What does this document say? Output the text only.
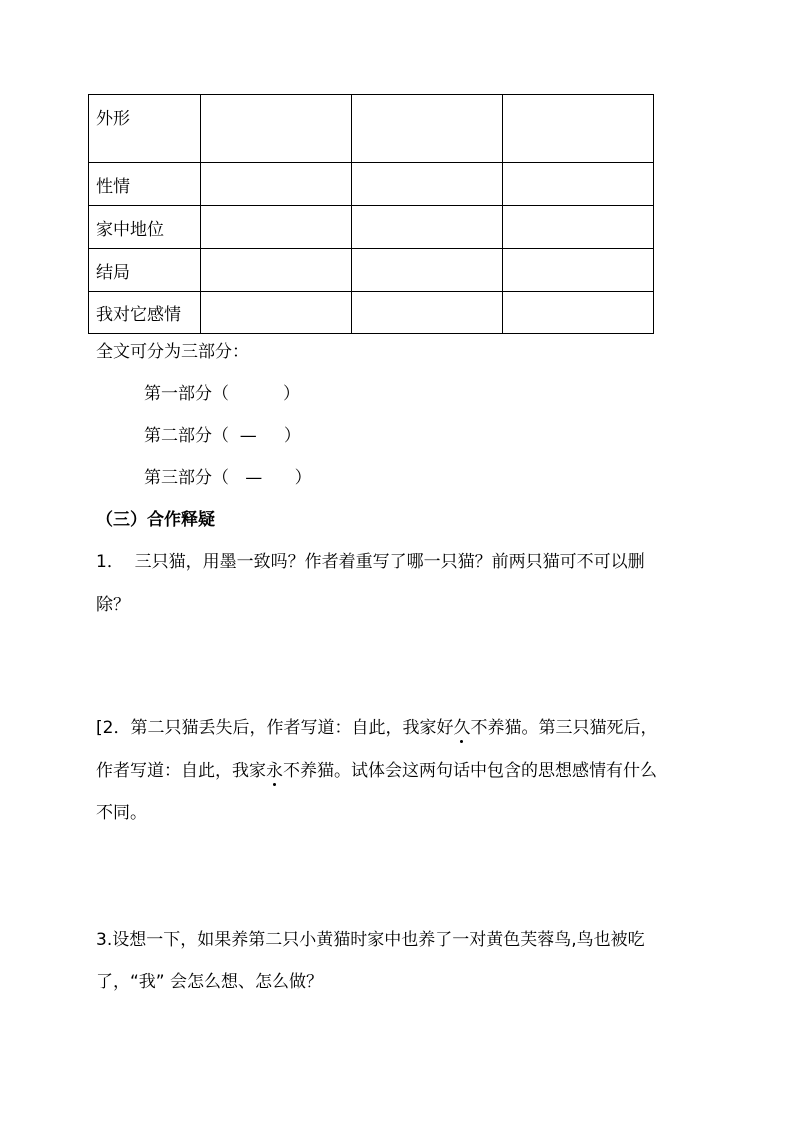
外形			
性情			
家中地位			
结局			
我对它感情			
全文可分为三部分：
第一部分（          ）
第二部分（  —     ）
第三部分（   —      ）
（三）合作释疑
1．  三只猫，用墨一致吗？作者着重写了哪一只猫？前两只猫可不可以删
除？
[2．第二只猫丢失后，作者写道：自此，我家好久不养猫。第三只猫死后，
作者写道：自此，我家永不养猫。试体会这两句话中包含的思想感情有什么
不同。
3.设想一下，如果养第二只小黄猫时家中也养了一对黄色芙蓉鸟,鸟也被吃
了，“我” 会怎么想、怎么做？
